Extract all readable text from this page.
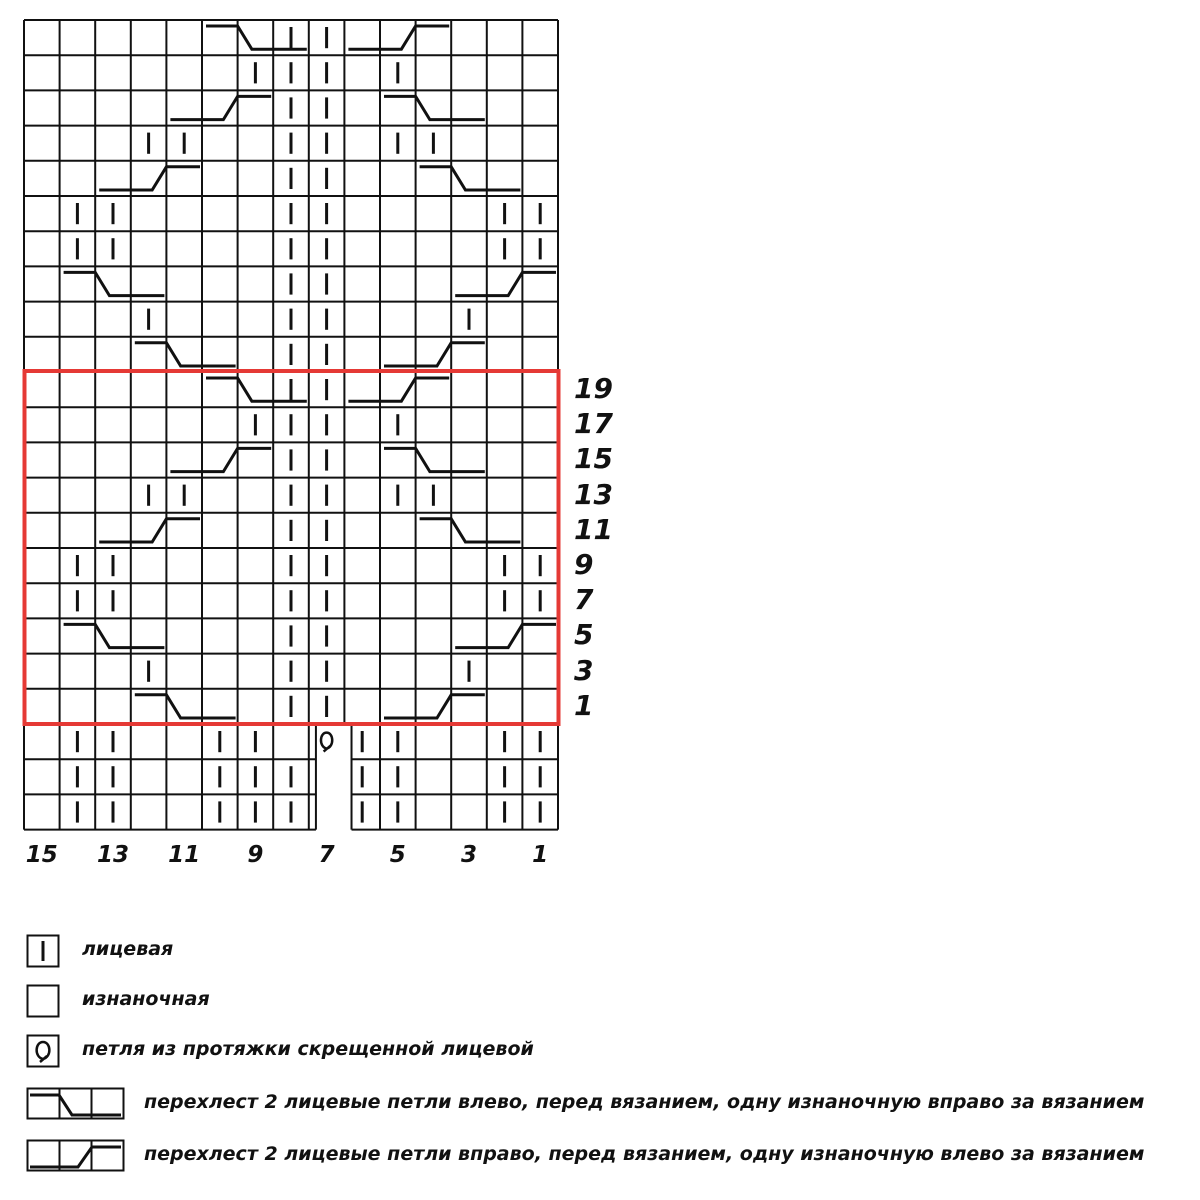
19
17
15
13
11
9
7
5
3
1
15 13 11	9	7	5	3	1
лицевая
изнаночная
петля из протяжки скрещенной лицевой
перехлест 2 лицевые петли влево, перед вязанием, одну изнаночную вправо за вязанием
перехлест 2 лицевые петли вправо, перед вязанием, одну изнаночную влево за вязанием
